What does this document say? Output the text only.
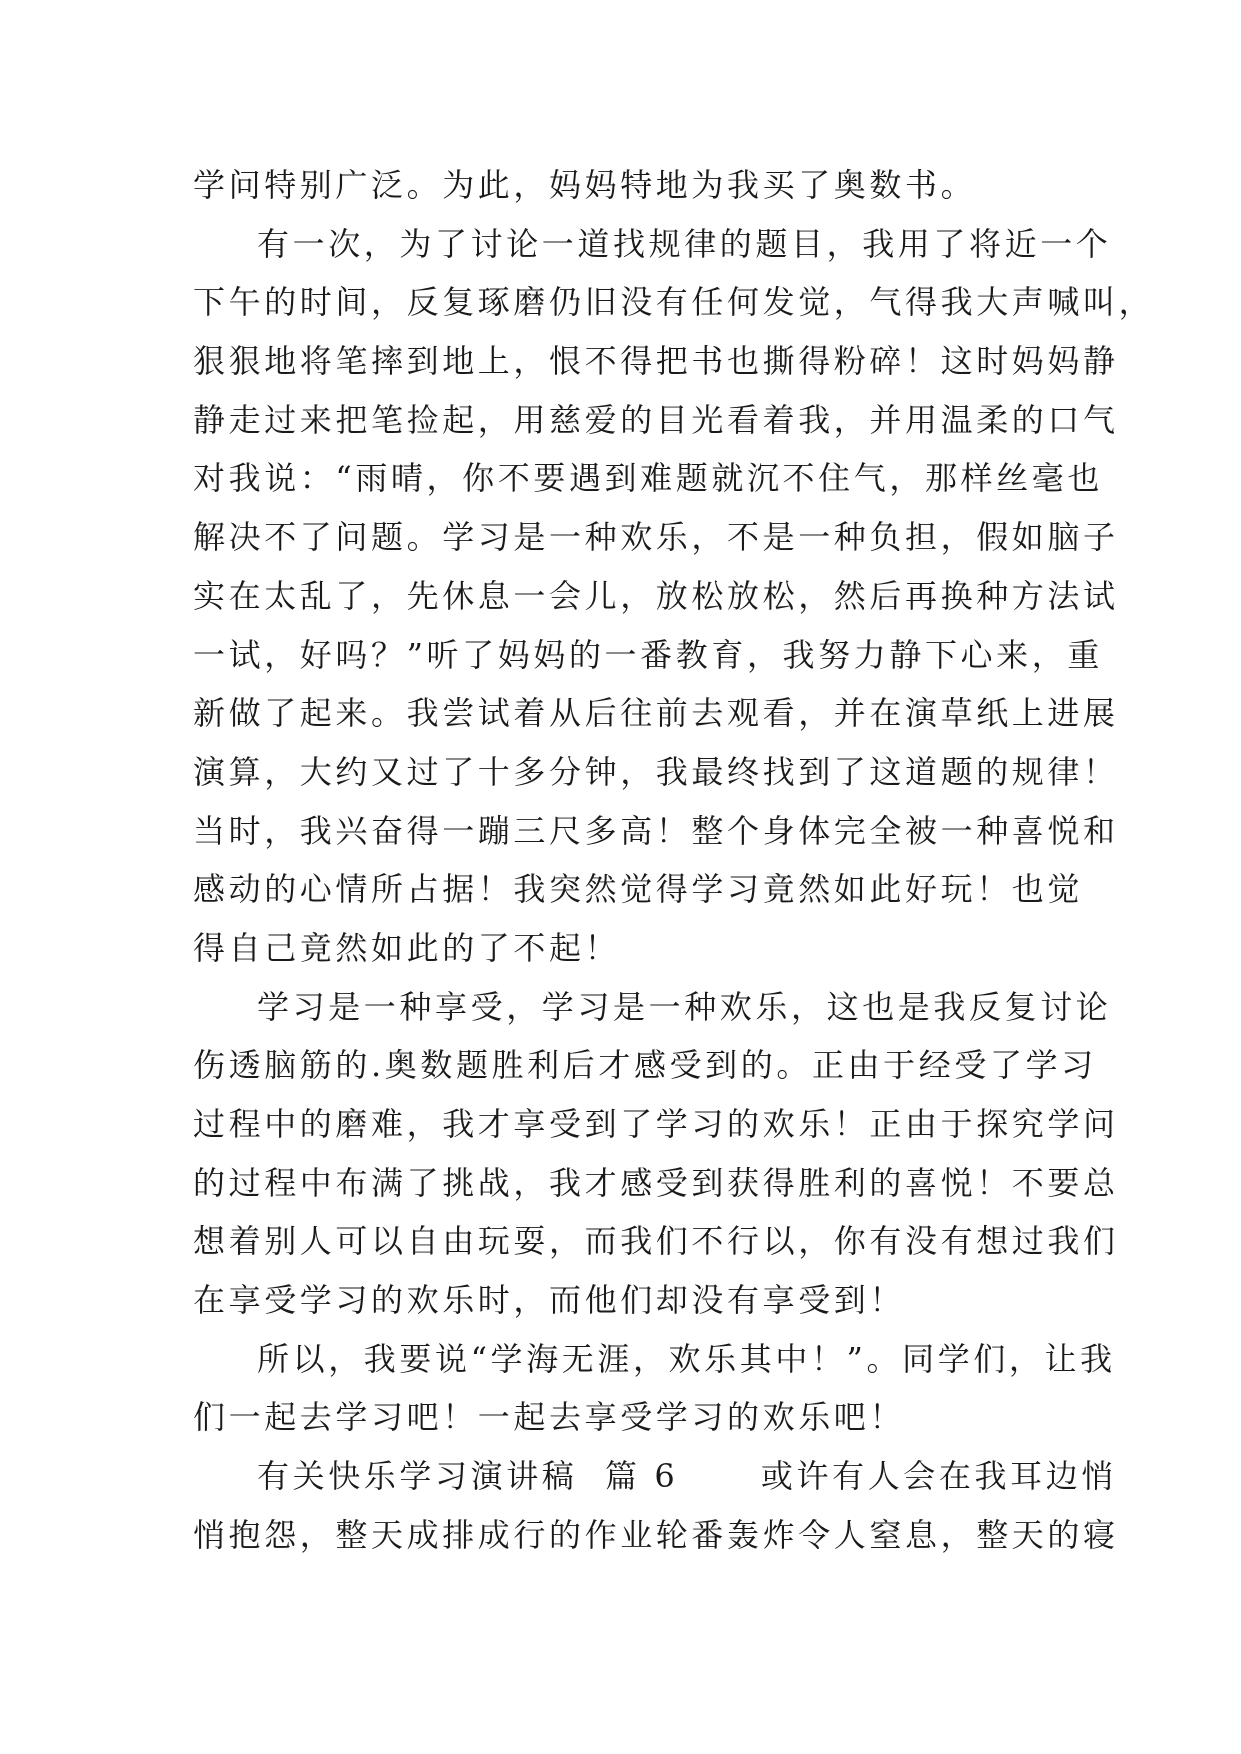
学问特别广泛。为此，妈妈特地为我买了奥数书。
有一次，为了讨论一道找规律的题目，我用了将近一个
下午的时间，反复琢磨仍旧没有任何发觉，气得我大声喊叫，
狠狠地将笔摔到地上，恨不得把书也撕得粉碎！这时妈妈静
静走过来把笔捡起，用慈爱的目光看着我，并用温柔的口气
对我说：“雨晴，你不要遇到难题就沉不住气，那样丝毫也
解决不了问题。学习是一种欢乐，不是一种负担，假如脑子
实在太乱了，先休息一会儿，放松放松，然后再换种方法试
一试，好吗？”听了妈妈的一番教育，我努力静下心来，重
新做了起来。我尝试着从后往前去观看，并在演草纸上进展
演算，大约又过了十多分钟，我最终找到了这道题的规律！
当时，我兴奋得一蹦三尺多高！整个身体完全被一种喜悦和
感动的心情所占据！我突然觉得学习竟然如此好玩！也觉
得自己竟然如此的了不起！
学习是一种享受，学习是一种欢乐，这也是我反复讨论
伤透脑筋的.奥数题胜利后才感受到的。正由于经受了学习
过程中的磨难，我才享受到了学习的欢乐！正由于探究学问
的过程中布满了挑战，我才感受到获得胜利的喜悦！不要总
想着别人可以自由玩耍，而我们不行以，你有没有想过我们
在享受学习的欢乐时，而他们却没有享受到！
所以，我要说“学海无涯，欢乐其中！”。同学们，让我
们一起去学习吧！一起去享受学习的欢乐吧！
有关快乐学习演讲稿  篇 6      或许有人会在我耳边悄
悄抱怨，整天成排成行的作业轮番轰炸令人窒息，整天的寝
